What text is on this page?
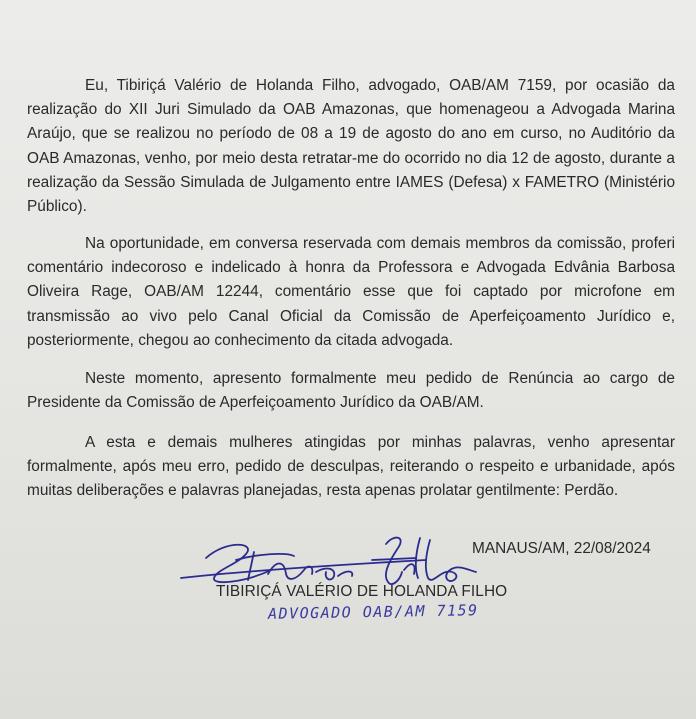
Eu, Tibiriçá Valério de Holanda Filho, advogado, OAB/AM 7159, por ocasião da realização do XII Juri Simulado da OAB Amazonas, que homenageou a Advogada Marina Araújo, que se realizou no período de 08 a 19 de agosto do ano em curso, no Auditório da OAB Amazonas, venho, por meio desta retratar-me do ocorrido no dia 12 de agosto, durante a realização da Sessão Simulada de Julgamento entre IAMES (Defesa) x FAMETRO (Ministério Público).

Na oportunidade, em conversa reservada com demais membros da comissão, proferi comentário indecoroso e indelicado à honra da Professora e Advogada Edvânia Barbosa Oliveira Rage, OAB/AM 12244, comentário esse que foi captado por microfone em transmissão ao vivo pelo Canal Oficial da Comissão de Aperfeiçoamento Jurídico e, posteriormente, chegou ao conhecimento da citada advogada.

Neste momento, apresento formalmente meu pedido de Renúncia ao cargo de Presidente da Comissão de Aperfeiçoamento Jurídico da OAB/AM.

A esta e demais mulheres atingidas por minhas palavras, venho apresentar formalmente, após meu erro, pedido de desculpas, reiterando o respeito e urbanidade, após muitas deliberações e palavras planejadas, resta apenas prolatar gentilmente: Perdão.

MANAUS/AM, 22/08/2024
TIBIRIÇÁ VALÉRIO DE HOLANDA FILHO
ADVOGADO OAB/AM 7159
